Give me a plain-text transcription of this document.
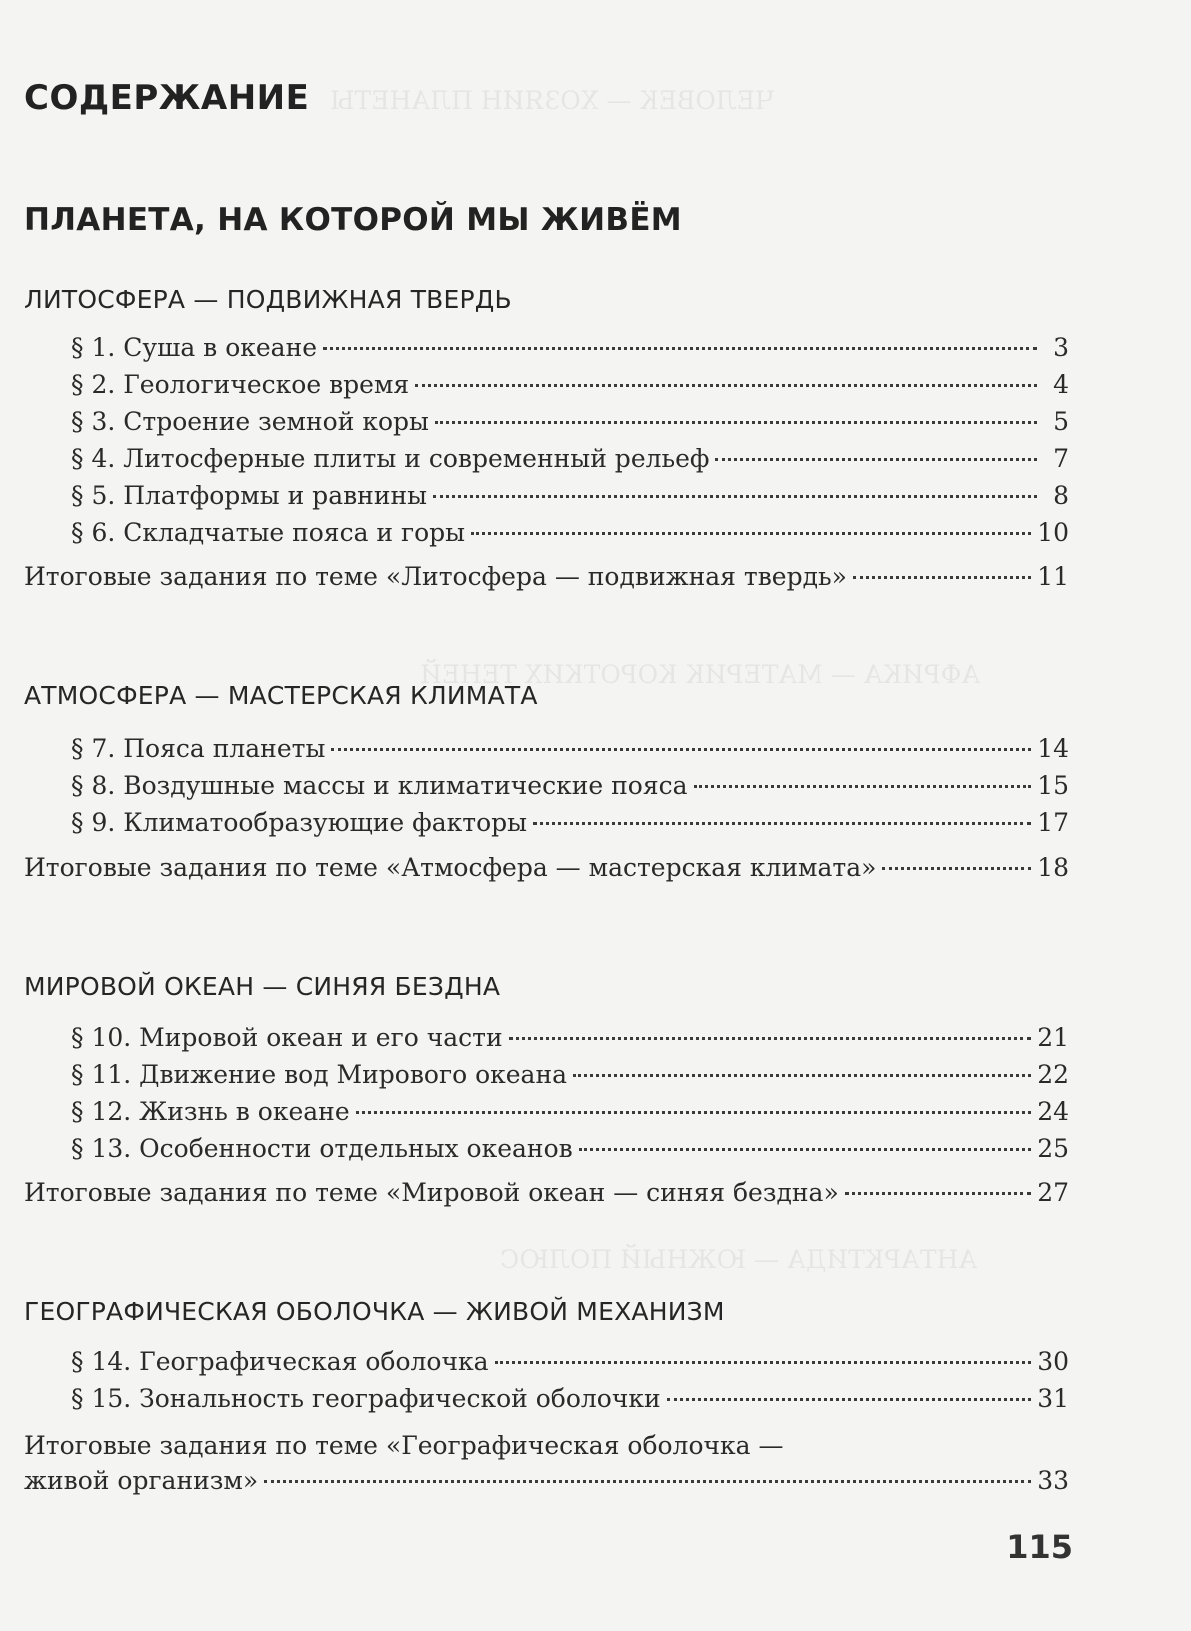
ЧЕЛОВЕК — ХОЗЯИН ПЛАНЕТЫ
АФРИКА — МАТЕРИК КОРОТКИХ ТЕНЕЙ
АНТАРКТИДА — ЮЖНЫЙ ПОЛЮС
СОДЕРЖАНИЕ
ПЛАНЕТА, НА КОТОРОЙ МЫ ЖИВЁМ
ЛИТОСФЕРА — ПОДВИЖНАЯ ТВЕРДЬ
§ 1. Суша в океане	3
§ 2. Геологическое время	4
§ 3. Строение земной коры	5
§ 4. Литосферные плиты и современный рельеф	7
§ 5. Платформы и равнины	8
§ 6. Складчатые пояса и горы	10
Итоговые задания по теме «Литосфера — подвижная твердь»	11
АТМОСФЕРА — МАСТЕРСКАЯ КЛИМАТА
§ 7. Пояса планеты	14
§ 8. Воздушные массы и климатические пояса	15
§ 9. Климатообразующие факторы	17
Итоговые задания по теме «Атмосфера — мастерская климата»	18
МИРОВОЙ ОКЕАН — СИНЯЯ БЕЗДНА
§ 10. Мировой океан и его части	21
§ 11. Движение вод Мирового океана	22
§ 12. Жизнь в океане	24
§ 13. Особенности отдельных океанов	25
Итоговые задания по теме «Мировой океан — синяя бездна»	27
ГЕОГРАФИЧЕСКАЯ ОБОЛОЧКА — ЖИВОЙ МЕХАНИЗМ
§ 14. Географическая оболочка	30
§ 15. Зональность географической оболочки	31
Итоговые задания по теме «Географическая оболочка —
живой организм»	33
115
